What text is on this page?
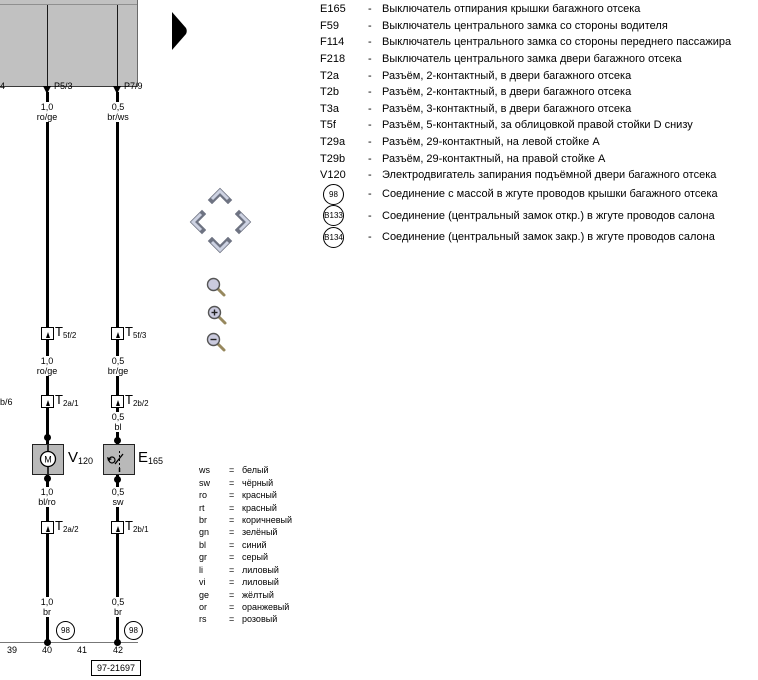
4	P5/3	P7/9
1,0
ro/ge
0,5
br/ws
1,0
ro/ge
0,5
br/ge
0,5
bl
1,0
bl/ro
0,5
sw
1,0
br
0,5
br
b/6
$T_{5f/2}$	$T_{5f/3}$
$T_{2a/1}$	$T_{2b/2}$
$T_{2a/2}$	$T_{2b/1}$
M $V_{120}$	$E_{165}$
98	98
39	40	41	42
97-21697
E165	- Выключатель отпирания крышки багажного отсека
F59	- Выключатель центрального замка со стороны водителя
F114	- Выключатель центрального замка со стороны переднего пассажира
F218	- Выключатель центрального замка двери багажного отсека
T2a	- Разъём, 2-контактный, в двери багажного отсека
T2b	- Разъём, 2-контактный, в двери багажного отсека
T3a	- Разъём, 3-контактный, в двери багажного отсека
T5f	- Разъём, 5-контактный, за облицовкой правой стойки D снизу
T29a	- Разъём, 29-контактный, на левой стойке A
T29b	- Разъём, 29-контактный, на правой стойке A
V120	- Электродвигатель запирания подъёмной двери багажного отсека
98	- Соединение с массой в жгуте проводов крышки багажного отсека
B133 - Соединение (центральный замок откр.) в жгуте проводов салона
B134 - Соединение (центральный замок закр.) в жгуте проводов салона
ws	= белый
sw	= чёрный
ro	= красный
rt	= красный
br	= коричневый
gn	= зелёный
bl	= синий
gr	= серый
li	= лиловый
vi	= лиловый
ge	= жёлтый
or	= оранжевый
rs	= розовый
